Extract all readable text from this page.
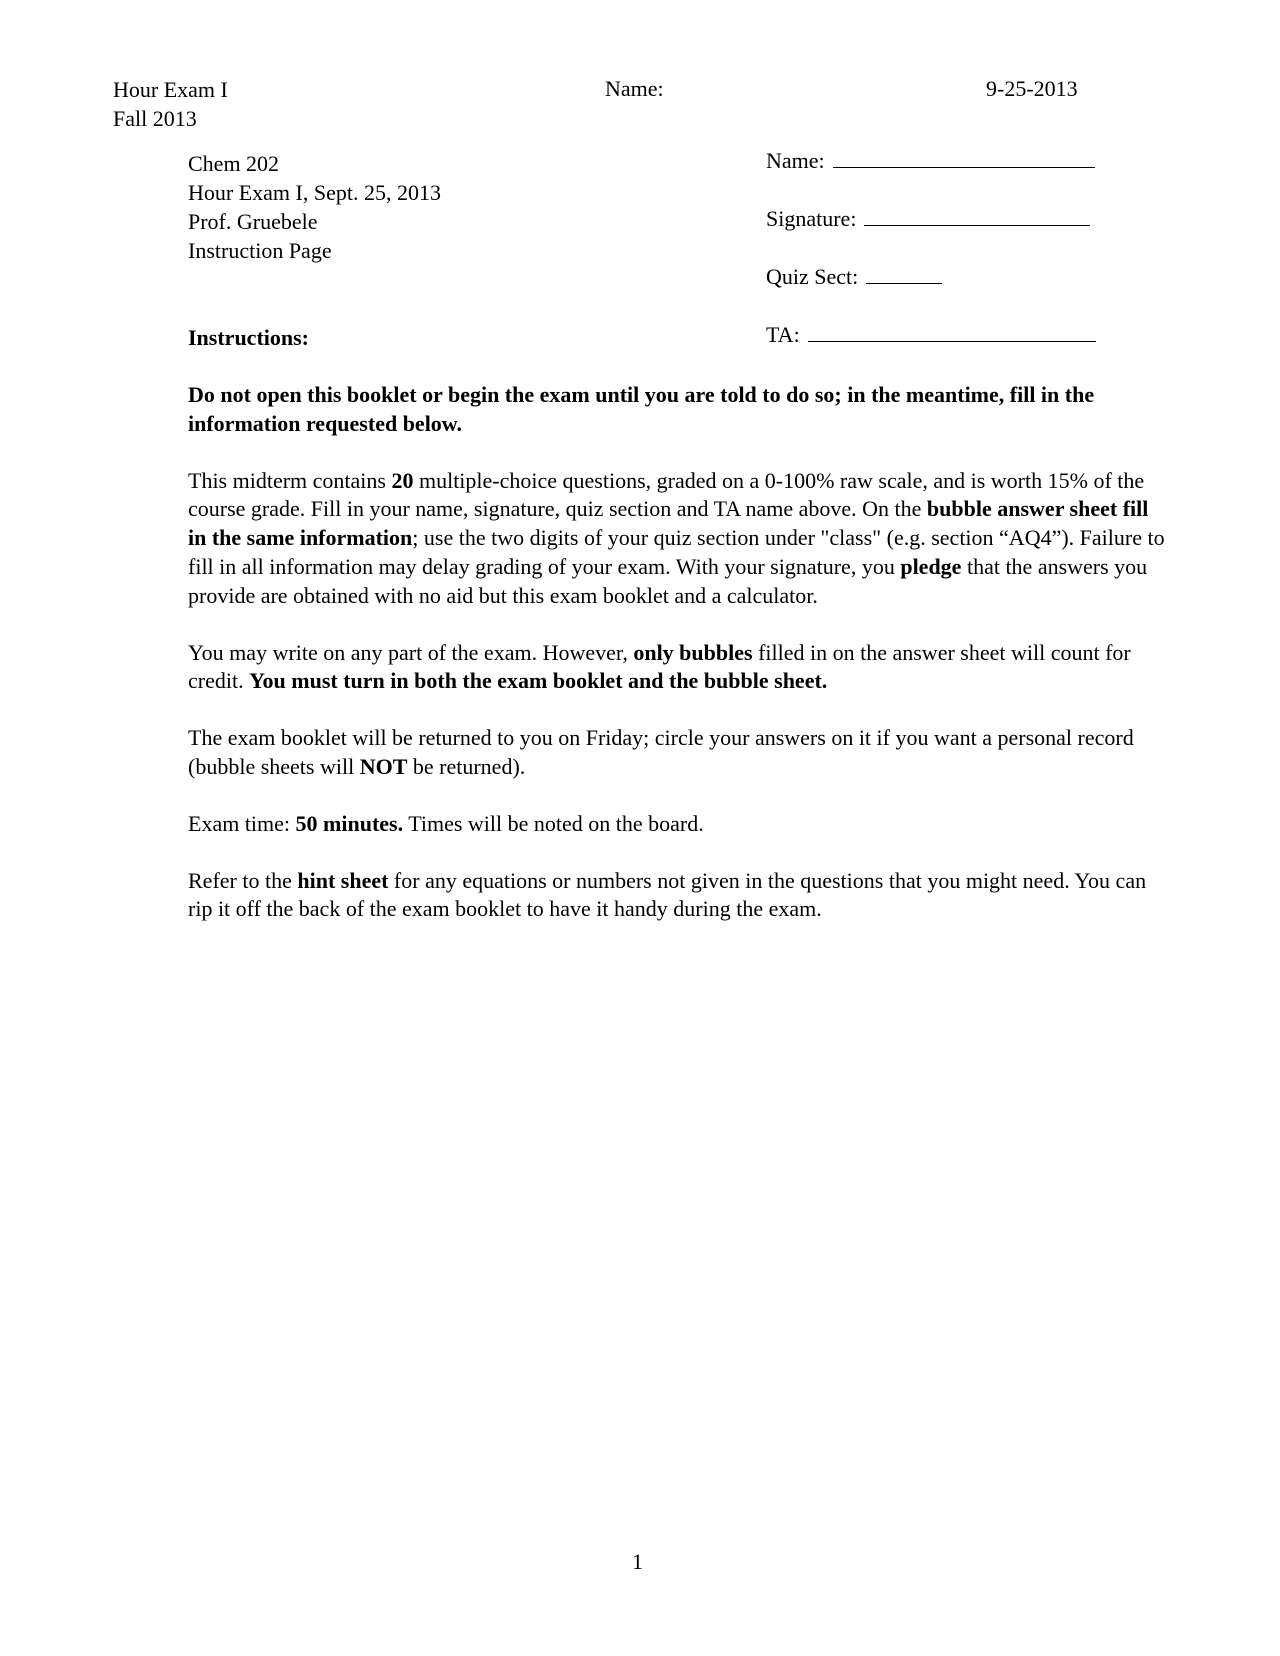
Hour Exam I
Fall 2013
Name:	9-25-2013
Chem 202
Hour Exam I, Sept. 25, 2013
Prof. Gruebele
Instruction Page
Name:
Signature:
Quiz Sect:
TA:
Instructions:

Do not open this booklet or begin the exam until you are told to do so; in the meantime, fill in the information requested below.

This midterm contains 20 multiple-choice questions, graded on a 0-100% raw scale, and is worth 15% of the course grade. Fill in your name, signature, quiz section and TA name above. On the bubble answer sheet fill in the same information; use the two digits of your quiz section under "class" (e.g. section “AQ4”). Failure to fill in all information may delay grading of your exam. With your signature, you pledge that the answers you provide are obtained with no aid but this exam booklet and a calculator.

You may write on any part of the exam. However, only bubbles filled in on the answer sheet will count for credit. You must turn in both the exam booklet and the bubble sheet.

The exam booklet will be returned to you on Friday; circle your answers on it if you want a personal record (bubble sheets will NOT be returned).

Exam time: 50 minutes. Times will be noted on the board.

Refer to the hint sheet for any equations or numbers not given in the questions that you might need. You can rip it off the back of the exam booklet to have it handy during the exam.

1
